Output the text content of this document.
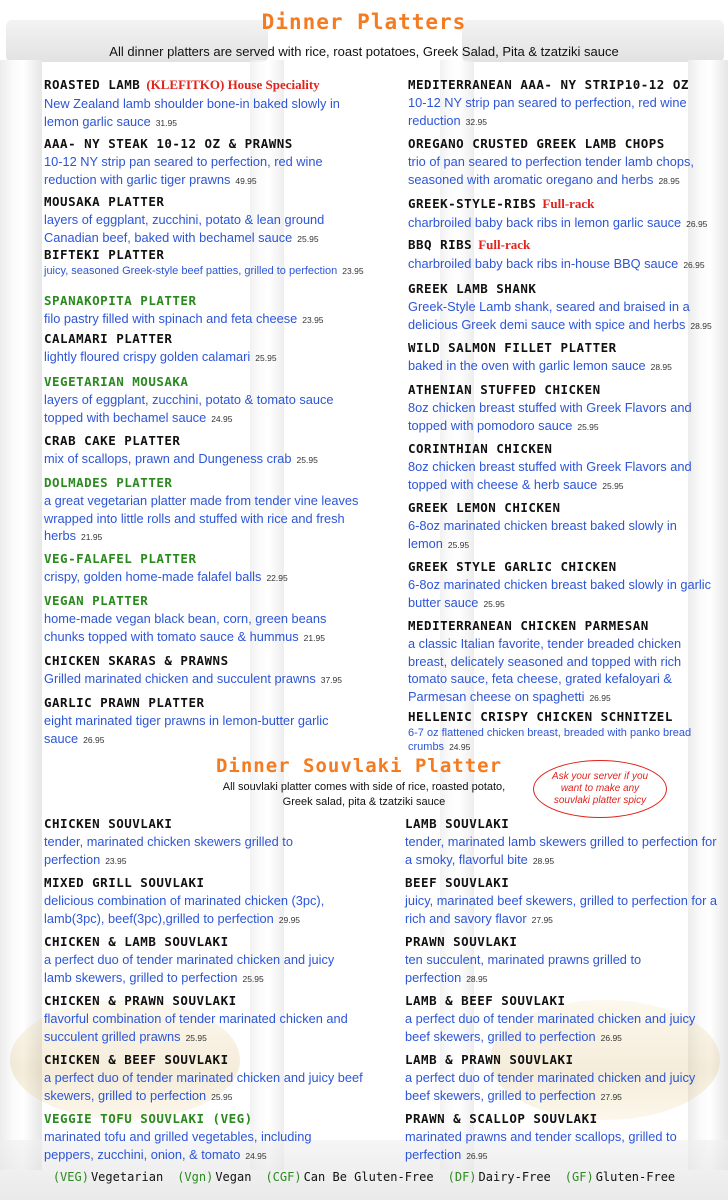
Dinner Platters
All dinner platters are served with rice, roast potatoes, Greek Salad, Pita & tzatziki sauce
ROASTED LAMB (KLEFITKO) House Speciality
New Zealand lamb shoulder bone-in baked slowly in lemon garlic sauce 31.95
AAA- NY STEAK 10-12 OZ & PRAWNS
10-12 NY strip pan seared to perfection, red wine reduction with garlic tiger prawns 49.95
MOUSAKA PLATTER
layers of eggplant, zucchini, potato & lean ground Canadian beef, baked with bechamel sauce 25.95
BIFTEKI PLATTER
juicy, seasoned Greek-style beef patties, grilled to perfection 23.95
SPANAKOPITA PLATTER
filo pastry filled with spinach and feta cheese 23.95
CALAMARI PLATTER
lightly floured crispy golden calamari 25.95
VEGETARIAN MOUSAKA
layers of eggplant, zucchini, potato & tomato sauce topped with bechamel sauce 24.95
CRAB CAKE PLATTER
mix of scallops, prawn and Dungeness crab 25.95
DOLMADES PLATTER
a great vegetarian platter made from tender vine leaves wrapped into little rolls and stuffed with rice and fresh herbs 21.95
VEG-FALAFEL PLATTER
crispy, golden home-made falafel balls 22.95
VEGAN PLATTER
home-made vegan black bean, corn, green beans chunks topped with tomato sauce & hummus 21.95
CHICKEN SKARAS & PRAWNS
Grilled marinated chicken and succulent prawns 37.95
GARLIC PRAWN PLATTER
eight marinated tiger prawns in lemon-butter garlic sauce 26.95
MEDITERRANEAN AAA- NY STRIP10-12 OZ
10-12 NY strip pan seared to perfection, red wine reduction 32.95
OREGANO CRUSTED GREEK LAMB CHOPS
trio of pan seared to perfection tender lamb chops, seasoned with aromatic oregano and herbs 28.95
GREEK-STYLE-RIBS Full-rack
charbroiled baby back ribs in lemon garlic sauce 26.95
BBQ RIBS Full-rack
charbroiled baby back ribs in-house BBQ sauce 26.95
GREEK LAMB SHANK
Greek-Style Lamb shank, seared and braised in a delicious Greek demi sauce with spice and herbs 28.95
WILD SALMON FILLET PLATTER
baked in the oven with garlic lemon sauce 28.95
ATHENIAN STUFFED CHICKEN
8oz chicken breast stuffed with Greek Flavors and topped with pomodoro sauce 25.95
CORINTHIAN CHICKEN
8oz chicken breast stuffed with Greek Flavors and topped with cheese & herb sauce 25.95
GREEK LEMON CHICKEN
6-8oz marinated chicken breast baked slowly in lemon 25.95
GREEK STYLE GARLIC CHICKEN
6-8oz marinated chicken breast baked slowly in garlic butter sauce 25.95
MEDITERRANEAN CHICKEN PARMESAN
a classic Italian favorite, tender breaded chicken breast, delicately seasoned and topped with rich tomato sauce, feta cheese, grated kefaloyari & Parmesan cheese on spaghetti 26.95
HELLENIC CRISPY CHICKEN SCHNITZEL
6-7 oz flattened chicken breast, breaded with panko bread crumbs 24.95
Dinner Souvlaki Platter
All souvlaki platter comes with side of rice, roasted potato,
Greek salad, pita & tzatziki sauce
Ask your server if you want to make any souvlaki platter spicy
CHICKEN SOUVLAKI
tender, marinated chicken skewers grilled to perfection 23.95
MIXED GRILL SOUVLAKI
delicious combination of marinated chicken (3pc), lamb(3pc), beef(3pc),grilled to perfection 29.95
CHICKEN & LAMB SOUVLAKI
a perfect duo of tender marinated chicken and juicy lamb skewers, grilled to perfection 25.95
CHICKEN & PRAWN SOUVLAKI
flavorful combination of tender marinated chicken and succulent grilled prawns 25.95
CHICKEN & BEEF SOUVLAKI
a perfect duo of tender marinated chicken and juicy beef skewers, grilled to perfection 25.95
VEGGIE TOFU SOUVLAKI (VEG)
marinated tofu and grilled vegetables, including peppers, zucchini, onion, & tomato 24.95
LAMB SOUVLAKI
tender, marinated lamb skewers grilled to perfection for a smoky, flavorful bite 28.95
BEEF SOUVLAKI
juicy, marinated beef skewers, grilled to perfection for a rich and savory flavor 27.95
PRAWN SOUVLAKI
ten succulent, marinated prawns grilled to perfection 28.95
LAMB & BEEF SOUVLAKI
a perfect duo of tender marinated chicken and juicy beef skewers, grilled to perfection 26.95
LAMB & PRAWN SOUVLAKI
a perfect duo of tender marinated chicken and juicy beef skewers, grilled to perfection 27.95
PRAWN & SCALLOP SOUVLAKI
marinated prawns and tender scallops, grilled to perfection 26.95
(VEG) Vegetarian (Vgn) Vegan (CGF) Can Be Gluten-Free (DF) Dairy-Free (GF) Gluten-Free
